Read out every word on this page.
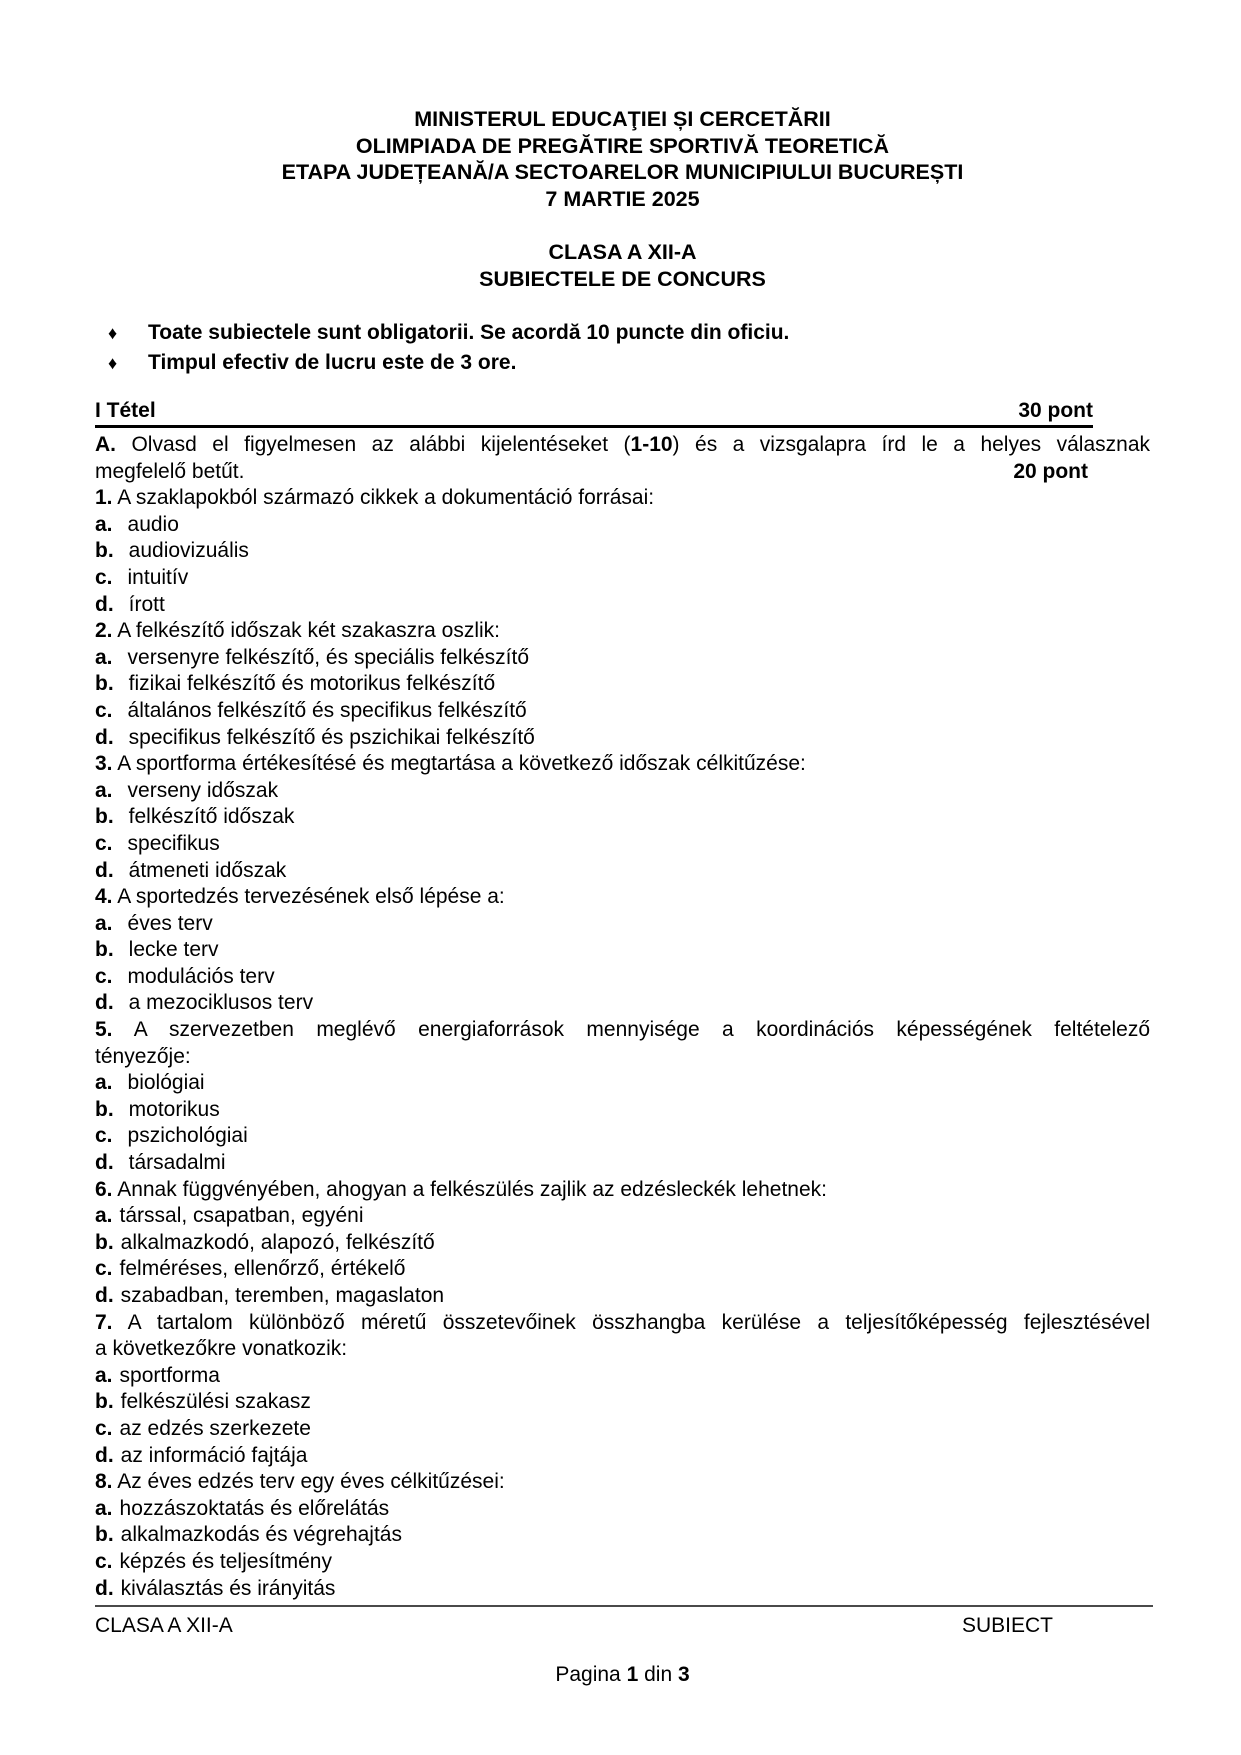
MINISTERUL EDUCAŢIEI ȘI CERCETĂRII
OLIMPIADA DE PREGĂTIRE SPORTIVĂ TEORETICĂ
ETAPA JUDEȚEANĂ/A SECTOARELOR MUNICIPIULUI BUCUREȘTI
7 MARTIE 2025
CLASA A XII-A
SUBIECTELE DE CONCURS
♦	Toate subiectele sunt obligatorii. Se acordă 10 puncte din oficiu.
♦	Timpul efectiv de lucru este de 3 ore.
I Tétel	30 pont
A. Olvasd el figyelmesen az alábbi kijelentéseket (1-10) és a vizsgalapra írd le a helyes válasznak
megfelelő betűt.	20 pont
1. A szaklapokból származó cikkek a dokumentáció forrásai:
a. audio
b. audiovizuális
c. intuitív
d. írott
2. A felkészítő időszak két szakaszra oszlik:
a. versenyre felkészítő, és speciális felkészítő
b. fizikai felkészítő és motorikus felkészítő
c. általános felkészítő és specifikus felkészítő
d. specifikus felkészítő és pszichikai felkészítő
3. A sportforma értékesítésé és megtartása a következő időszak célkitűzése:
a. verseny időszak
b. felkészítő időszak
c. specifikus
d. átmeneti időszak
4. A sportedzés tervezésének első lépése a:
a. éves terv
b. lecke terv
c. modulációs terv
d. a mezociklusos terv
5. A szervezetben meglévő energiaforrások mennyisége a koordinációs képességének feltételező
tényezője:
a. biológiai
b. motorikus
c. pszichológiai
d. társadalmi
6. Annak függvényében, ahogyan a felkészülés zajlik az edzésleckék lehetnek:
a. társsal, csapatban, egyéni
b. alkalmazkodó, alapozó, felkészítő
c. felméréses, ellenőrző, értékelő
d. szabadban, teremben, magaslaton
7. A tartalom különböző méretű összetevőinek összhangba kerülése a teljesítőképesség fejlesztésével
a következőkre vonatkozik:
a. sportforma
b. felkészülési szakasz
c. az edzés szerkezete
d. az információ fajtája
8. Az éves edzés terv egy éves célkitűzései:
a. hozzászoktatás és előrelátás
b. alkalmazkodás és végrehajtás
c. képzés és teljesítmény
d. kiválasztás és irányitás
CLASA A XII-A	SUBIECT
Pagina 1 din 3
